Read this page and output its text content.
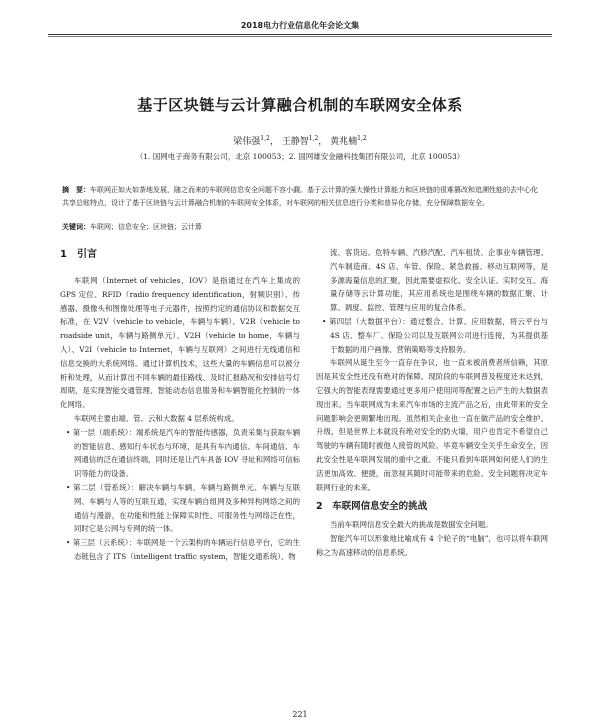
2018电力行业信息化年会论文集
基于区块链与云计算融合机制的车联网安全体系
梁伟强$^{1,2}$， 王静智$^{1,2}$， 黄兆楠$^{1,2}$
（1. 国网电子商务有限公司，北京 100053；2. 国网雄安金融科技集团有限公司，北京 100053）
摘　要：车联网正如火如荼地发展，随之而来的车联网信息安全问题不容小觑。基于云计算的强大操性计算能力和区块链的很难篡改和追溯性能的去中心化共享总账特点，设计了基于区块链与云计算融合机制的车联网安全体系，对车联网的相关信息进行分类和普异化存储，充分保障数据安全。
关键词：车联网；信息安全；区块链；云计算
1　引言

车联网（Internet of vehicles，IOV）是指通过在汽车上集成的 GPS 定位、RFID（radio frequency identification，射频识别）、传感器、摄像头和图像处理等电子元器件，按照约定的通信协议和数据交互标准，在 V2V（vehicle to vehicle，车辆与车辆）、V2R（vehicle to roadside unit，车辆与路侧单元）、V2H（vehicle to home，车辆与人）、V2I（vehicle to Internet，车辆与互联网）之间进行无线通信和信息交换的大系统网络。通过计算机技术，这些大量的车辆信息可以被分析和处理，从而计算出不同车辆的最佳路线、及时汇报路况和安排信号灯周期，是实现智能交通管理、智能动态信息服务和车辆智能化控制的一体化网络。

车联网主要由端、管、云和大数据 4 层系统构成。

• 第一层（端系统）：端系统是汽车的智能传感器，负责采集与获取车辆的智能信息、感知行车状态与环境，是具有车内通信、车间通信、车网通信的泛在通信终端，同时还是让汽车具备 IOV 寻址和网络可信标识等能力的设备。

• 第二层（管系统）：解决车辆与车辆、车辆与路侧单元、车辆与互联网、车辆与人等的互联互通，实现车辆自组网及多种异构网络之间的通信与漫游，在功能和性能上保障实时性、可服务性与网络泛在性，同时它是公网与专网的统一体。

• 第三层（云系统）：车联网是一个云架构的车辆运行信息平台，它的生态链包含了 ITS（intelligent traffic system，智能交通系统）、物

流、客货运、危特车辆、汽修汽配、汽车租赁、企事业车辆管理、汽车制造商、4S 店、车管、保险、紧急救援、移动互联网等，是多源海量信息的汇聚，因此需要虚拟化、安全认证、实时交互、海量存储等云计算功能，其应用系统也是围绕车辆的数据汇聚、计算、调度、监控、管理与应用的复合体系。

• 第四层（大数据平台）：通过整合、计算、应用数据，将云平台与 4S 店、整车厂、保险公司以及互联网公司进行连接，为其提供基于数据的用户画像、营销策略等支持服务。

车联网从诞生至今一直存在争议，也一直未被消费者所信赖，其原因是其安全性还没有绝对的保障。现阶段的车联网普及程度还未达到，它强大的智能表现需要通过更多用户使用同等配置之后产生的大数据表现出来。当车联网成为未来汽车市场的主流产品之后，由此带来的安全问题影响会更频繁地出现。虽然相关企业也一直在做产品的安全维护、升级，但是世界上本就没有绝对安全的防火墙，用户也肯定不希望自己驾驶的车辆有随时被他人接管的风险。毕竟车辆安全关乎生命安全，因此安全性是车联网发展的重中之重。不能只看到车联网如何使人们的生活更加高效、便捷，而忽视其随时可能带来的危险。安全问题将决定车联网行业的未来。

2　车联网信息安全的挑战

当前车联网信息安全最大的挑战是数据安全问题。

智能汽车可以形象地比喻成有 4 个轮子的“电脑”，也可以将车联网称之为高速移动的信息系统。

221
